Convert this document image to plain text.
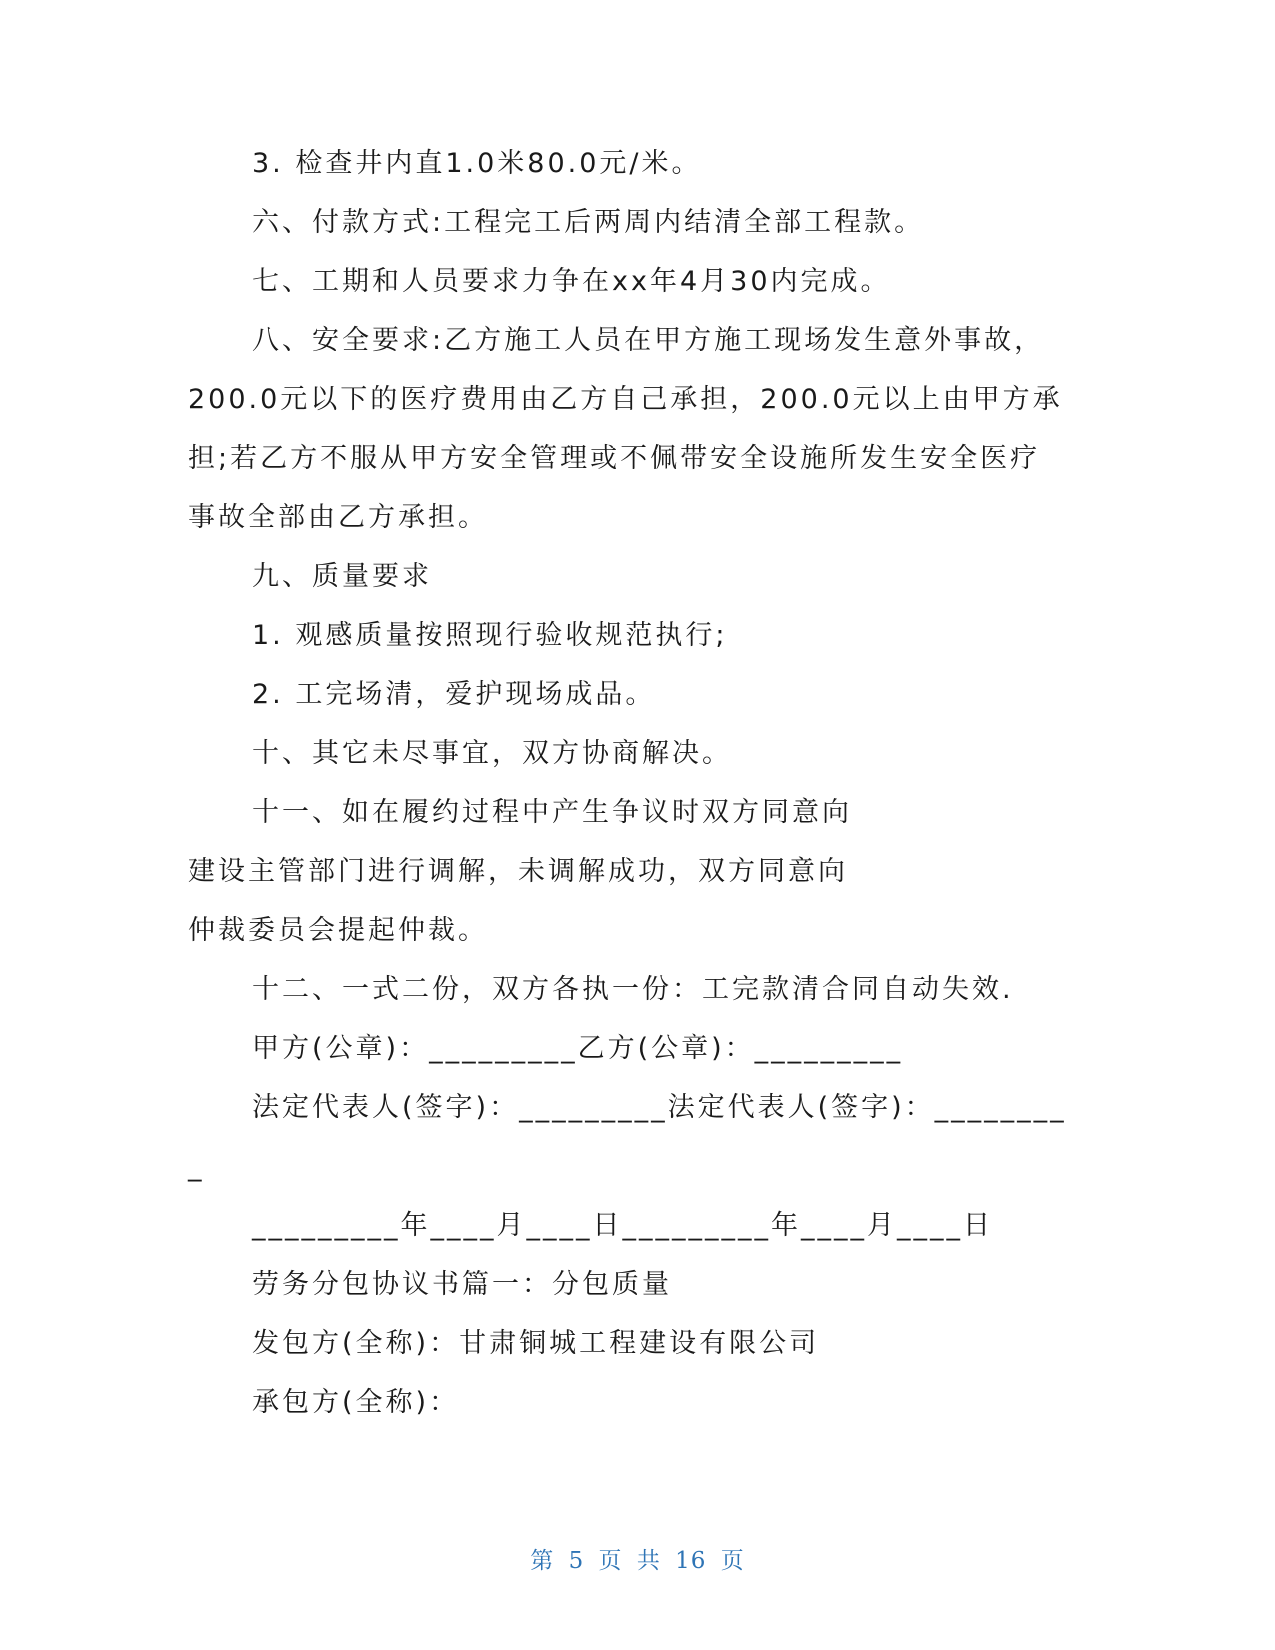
3. 检查井内直1.0米80.0元/米。
六、付款方式:工程完工后两周内结清全部工程款。
七、工期和人员要求力争在xx年4月30内完成。
八、安全要求:乙方施工人员在甲方施工现场发生意外事故，
200.0元以下的医疗费用由乙方自己承担，200.0元以上由甲方承
担;若乙方不服从甲方安全管理或不佩带安全设施所发生安全医疗
事故全部由乙方承担。
九、质量要求
1. 观感质量按照现行验收规范执行;
2. 工完场清，爱护现场成品。
十、其它未尽事宜，双方协商解决。
十一、如在履约过程中产生争议时双方同意向
建设主管部门进行调解，未调解成功，双方同意向
仲裁委员会提起仲裁。
十二、一式二份，双方各执一份：工完款清合同自动失效.
甲方(公章)：_________乙方(公章)：_________
法定代表人(签字)：_________法定代表人(签字)：________
_
_________年____月____日_________年____月____日
劳务分包协议书篇一：分包质量
发包方(全称)：甘肃铜城工程建设有限公司
承包方(全称)：
第 5 页 共 16 页
